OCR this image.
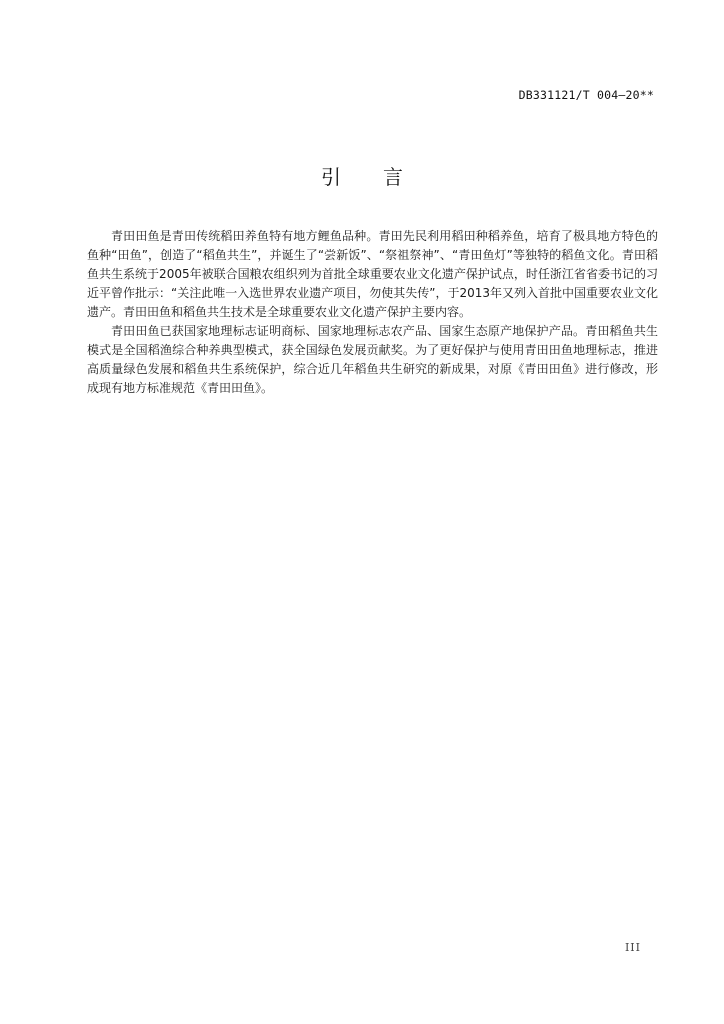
DB331121/T 004—20**
引言

青田田鱼是青田传统稻田养鱼特有地方鲤鱼品种。青田先民利用稻田种稻养鱼，培育了极具地方特色的鱼种“田鱼”，创造了“稻鱼共生”，并诞生了“尝新饭”、“祭祖祭神”、“青田鱼灯”等独特的稻鱼文化。青田稻鱼共生系统于2005年被联合国粮农组织列为首批全球重要农业文化遗产保护试点，时任浙江省省委书记的习近平曾作批示：“关注此唯一入选世界农业遗产项目，勿使其失传”，于2013年又列入首批中国重要农业文化遗产。青田田鱼和稻鱼共生技术是全球重要农业文化遗产保护主要内容。

青田田鱼已获国家地理标志证明商标、国家地理标志农产品、国家生态原产地保护产品。青田稻鱼共生模式是全国稻渔综合种养典型模式，获全国绿色发展贡献奖。为了更好保护与使用青田田鱼地理标志，推进高质量绿色发展和稻鱼共生系统保护，综合近几年稻鱼共生研究的新成果，对原《青田田鱼》进行修改，形成现有地方标准规范《青田田鱼》。

III
